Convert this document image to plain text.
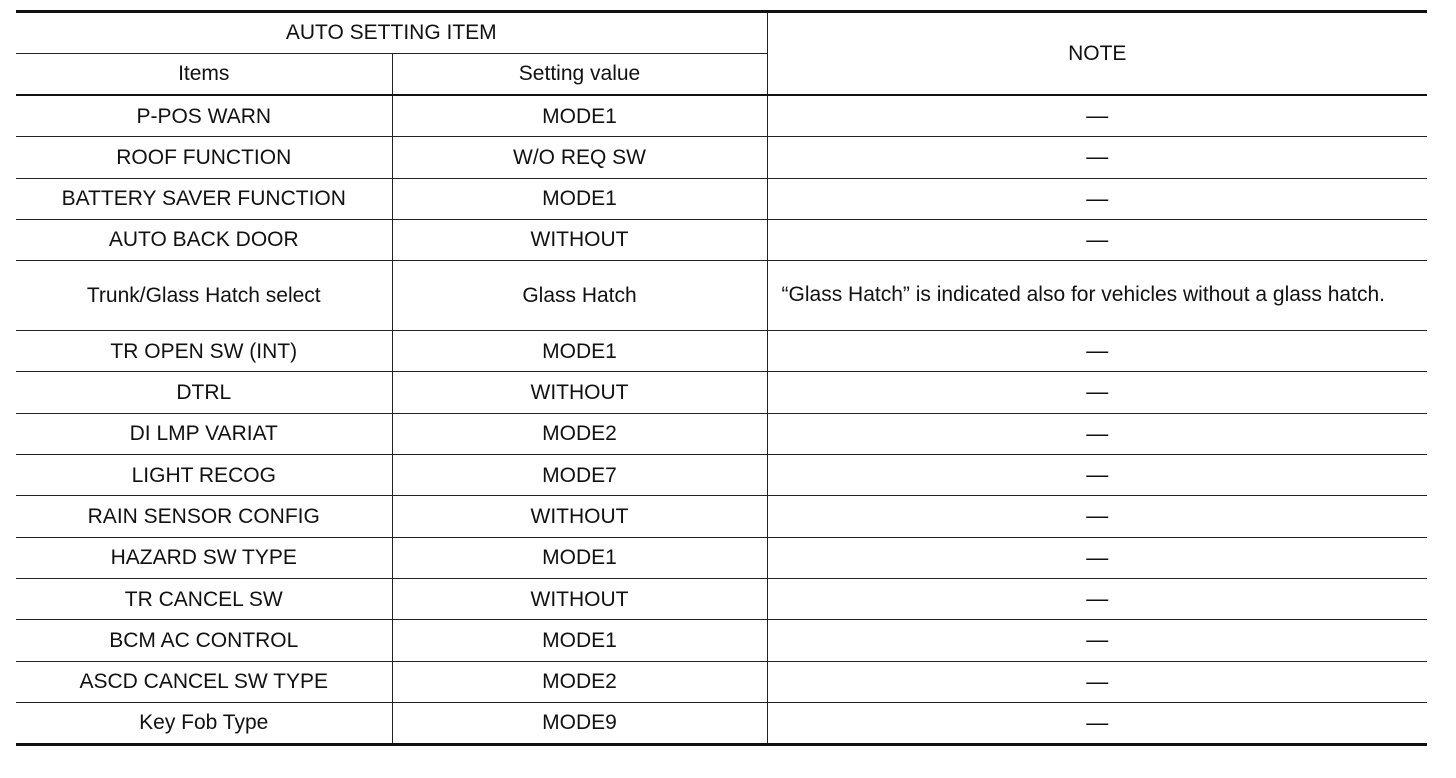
AUTO SETTING ITEM		NOTE
Items	Setting value	
P-POS WARN	MODE1	—
ROOF FUNCTION	W/O REQ SW	—
BATTERY SAVER FUNCTION	MODE1	—
AUTO BACK DOOR	WITHOUT	—
Trunk/Glass Hatch select	Glass Hatch	“Glass Hatch” is indicated also for vehicles without a glass hatch.
TR OPEN SW (INT)	MODE1	—
DTRL	WITHOUT	—
DI LMP VARIAT	MODE2	—
LIGHT RECOG	MODE7	—
RAIN SENSOR CONFIG	WITHOUT	—
HAZARD SW TYPE	MODE1	—
TR CANCEL SW	WITHOUT	—
BCM AC CONTROL	MODE1	—
ASCD CANCEL SW TYPE	MODE2	—
Key Fob Type	MODE9	—
